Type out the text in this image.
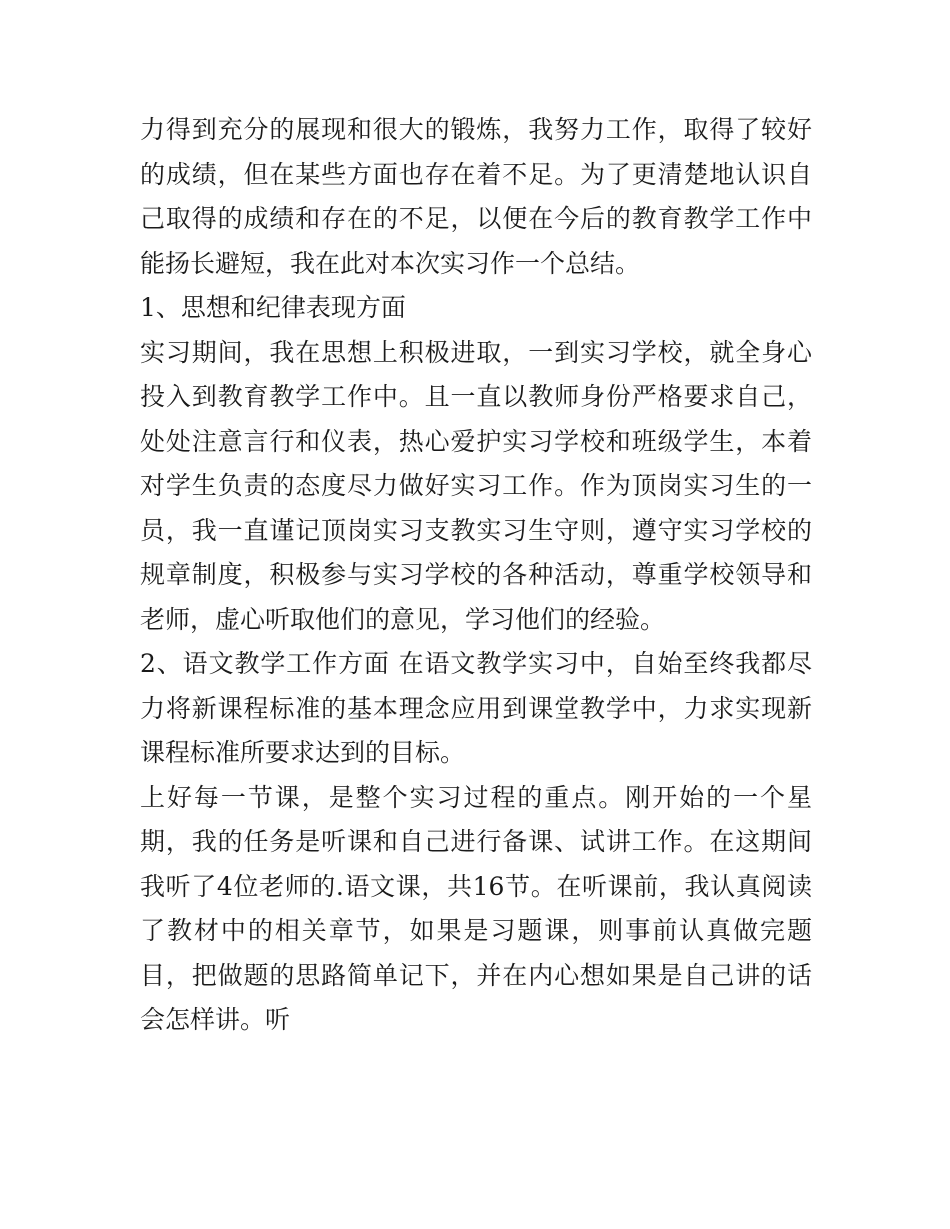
力得到充分的展现和很大的锻炼，我努力工作，取得了较好的成绩，但在某些方面也存在着不足。为了更清楚地认识自己取得的成绩和存在的不足，以便在今后的教育教学工作中能扬长避短，我在此对本次实习作一个总结。

1、思想和纪律表现方面

实习期间，我在思想上积极进取，一到实习学校，就全身心投入到教育教学工作中。且一直以教师身份严格要求自己，处处注意言行和仪表，热心爱护实习学校和班级学生，本着对学生负责的态度尽力做好实习工作。作为顶岗实习生的一员，我一直谨记顶岗实习支教实习生守则，遵守实习学校的规章制度，积极参与实习学校的各种活动，尊重学校领导和老师，虚心听取他们的意见，学习他们的经验。

2、语文教学工作方面 在语文教学实习中，自始至终我都尽力将新课程标准的基本理念应用到课堂教学中，力求实现新课程标准所要求达到的目标。

上好每一节课，是整个实习过程的重点。刚开始的一个星期，我的任务是听课和自己进行备课、试讲工作。在这期间我听了4位老师的.语文课，共16节。在听课前，我认真阅读了教材中的相关章节，如果是习题课，则事前认真做完题目，把做题的思路简单记下，并在内心想如果是自己讲的话会怎样讲。听
